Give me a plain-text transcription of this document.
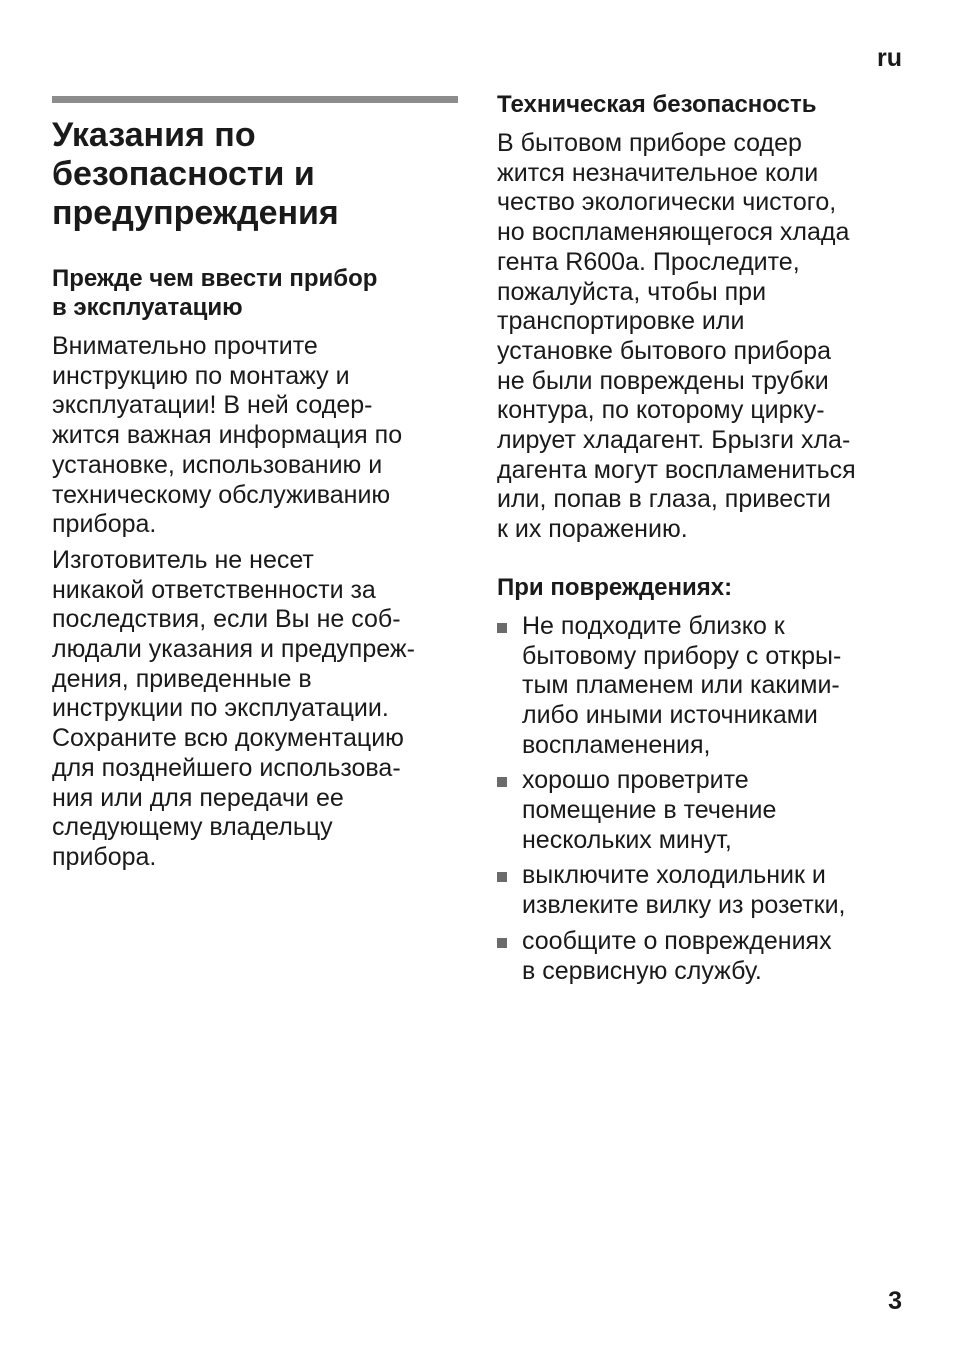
ru
Указания по
безопасности и
предупреждения
Прежде чем ввести прибор
в эксплуатацию

Внимательно прочтите
инструкцию по монтажу и
эксплуатации! В ней содер-
жится важная информация по
установке, использованию и
техническому обслуживанию
прибора.

Изготовитель не несет
никакой ответственности за
последствия, если Вы не соб-
людали указания и предупреж-
дения, приведенные в
инструкции по эксплуатации.
Сохраните всю документацию
для позднейшего использова-
ния или для передачи ее
следующему владельцу
прибора.

Техническая безопасность

В бытовом приборе содер
жится незначительное коли
чество экологически чистого,
но воспламеняющегося хлада
гента R600a. Проследите,
пожалуйста, чтобы при
транспортировке или
установке бытового прибора
не были повреждены трубки
контура, по которому цирку-
лирует хладагент. Брызги хла-
дагента могут воспламениться
или, попав в глаза, привести
к их поражению.

При повреждениях:
Не подходите близко к
бытовому прибору с откры-
тым пламенем или какими-
либо иными источниками
воспламенения,
хорошо проветрите
помещение в течение
нескольких минут,
выключите холодильник и
извлеките вилку из розетки,
сообщите о повреждениях
в сервисную службу.
3
